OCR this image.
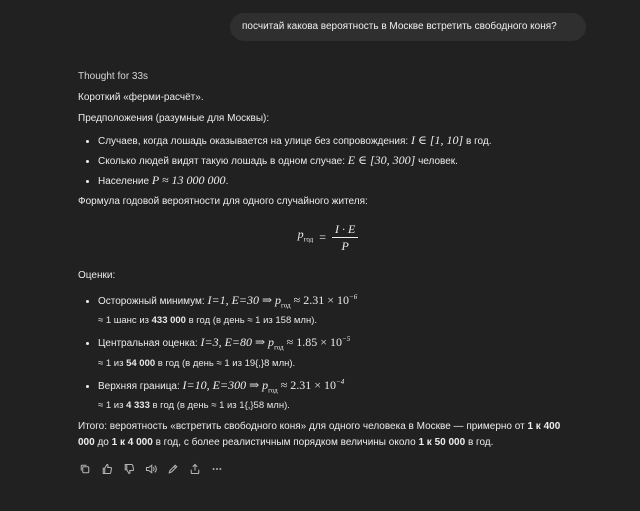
посчитай какова вероятность в Москве встретить свободного коня?
Thought for 33s

Короткий «ферми-расчёт».

Предположения (разумные для Москвы):

• Случаев, когда лошадь оказывается на улице без сопровождения: I ∈ [1, 10] в год.
• Сколько людей видят такую лошадь в одном случае: E ∈ [30, 300] человек.
• Население P ≈ 13 000 000.

Формула годовой вероятности для одного случайного жителя:

$p_{год} = \frac{I \cdot E}{P}$

Оценки:

• Осторожный минимум: I=1, E=30 ⇒ $p_{год} \approx 2.31 \times 10^{-6}$
≈ 1 шанс из 433 000 в год (в день ≈ 1 из 158 млн).
• Центральная оценка: I=3, E=80 ⇒ $p_{год} \approx 1.85 \times 10^{-5}$
≈ 1 из 54 000 в год (в день ≈ 1 из 19{,}8 млн).
• Верхняя граница: I=10, E=300 ⇒ $p_{год} \approx 2.31 \times 10^{-4}$
≈ 1 из 4 333 в год (в день ≈ 1 из 1{,}58 млн).

Итого: вероятность «встретить свободного коня» для одного человека в Москве — примерно от 1 к 400 000 до 1 к 4 000 в год, с более реалистичным порядком величины около 1 к 50 000 в год.
